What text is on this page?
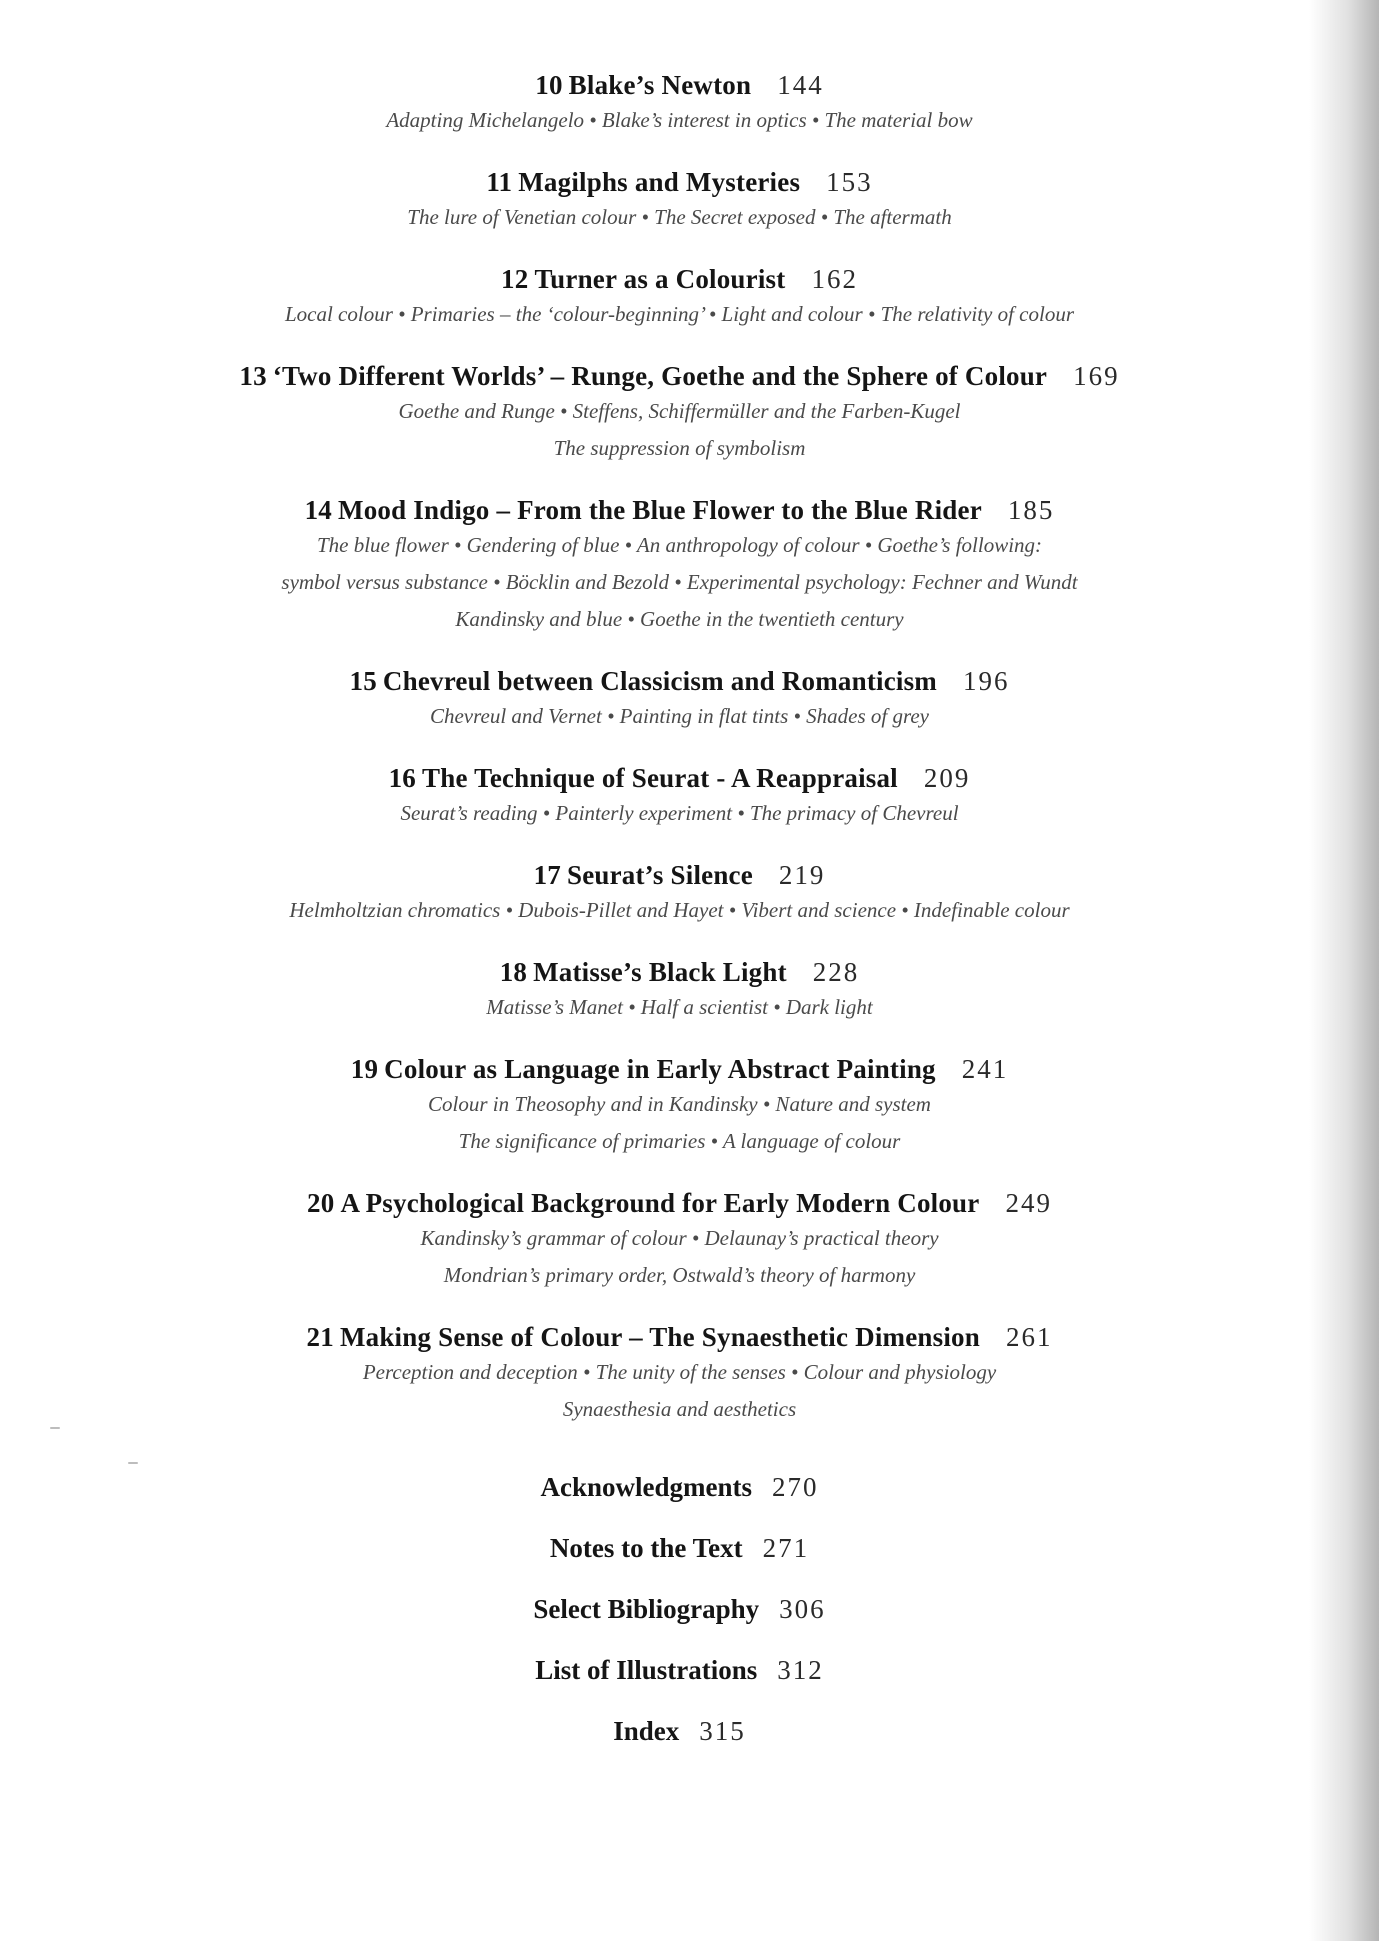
10 Blake’s Newton 144

Adapting Michelangelo • Blake’s interest in optics • The material bow

11 Magilphs and Mysteries 153

The lure of Venetian colour • The Secret exposed • The aftermath

12 Turner as a Colourist 162

Local colour • Primaries – the ‘colour-beginning’ • Light and colour • The relativity of colour

13 ‘Two Different Worlds’ – Runge, Goethe and the Sphere of Colour 169

Goethe and Runge • Steffens, Schiffermüller and the Farben-Kugel

The suppression of symbolism

14 Mood Indigo – From the Blue Flower to the Blue Rider 185

The blue flower • Gendering of blue • An anthropology of colour • Goethe’s following:

symbol versus substance • Böcklin and Bezold • Experimental psychology: Fechner and Wundt

Kandinsky and blue • Goethe in the twentieth century

15 Chevreul between Classicism and Romanticism 196

Chevreul and Vernet • Painting in flat tints • Shades of grey

16 The Technique of Seurat - A Reappraisal 209

Seurat’s reading • Painterly experiment • The primacy of Chevreul

17 Seurat’s Silence 219

Helmholtzian chromatics • Dubois-Pillet and Hayet • Vibert and science • Indefinable colour

18 Matisse’s Black Light 228

Matisse’s Manet • Half a scientist • Dark light

19 Colour as Language in Early Abstract Painting 241

Colour in Theosophy and in Kandinsky • Nature and system

The significance of primaries • A language of colour

20 A Psychological Background for Early Modern Colour 249

Kandinsky’s grammar of colour • Delaunay’s practical theory

Mondrian’s primary order, Ostwald’s theory of harmony

21 Making Sense of Colour – The Synaesthetic Dimension 261

Perception and deception • The unity of the senses • Colour and physiology

Synaesthesia and aesthetics

Acknowledgments 270

Notes to the Text 271

Select Bibliography 306

List of Illustrations 312

Index 315
